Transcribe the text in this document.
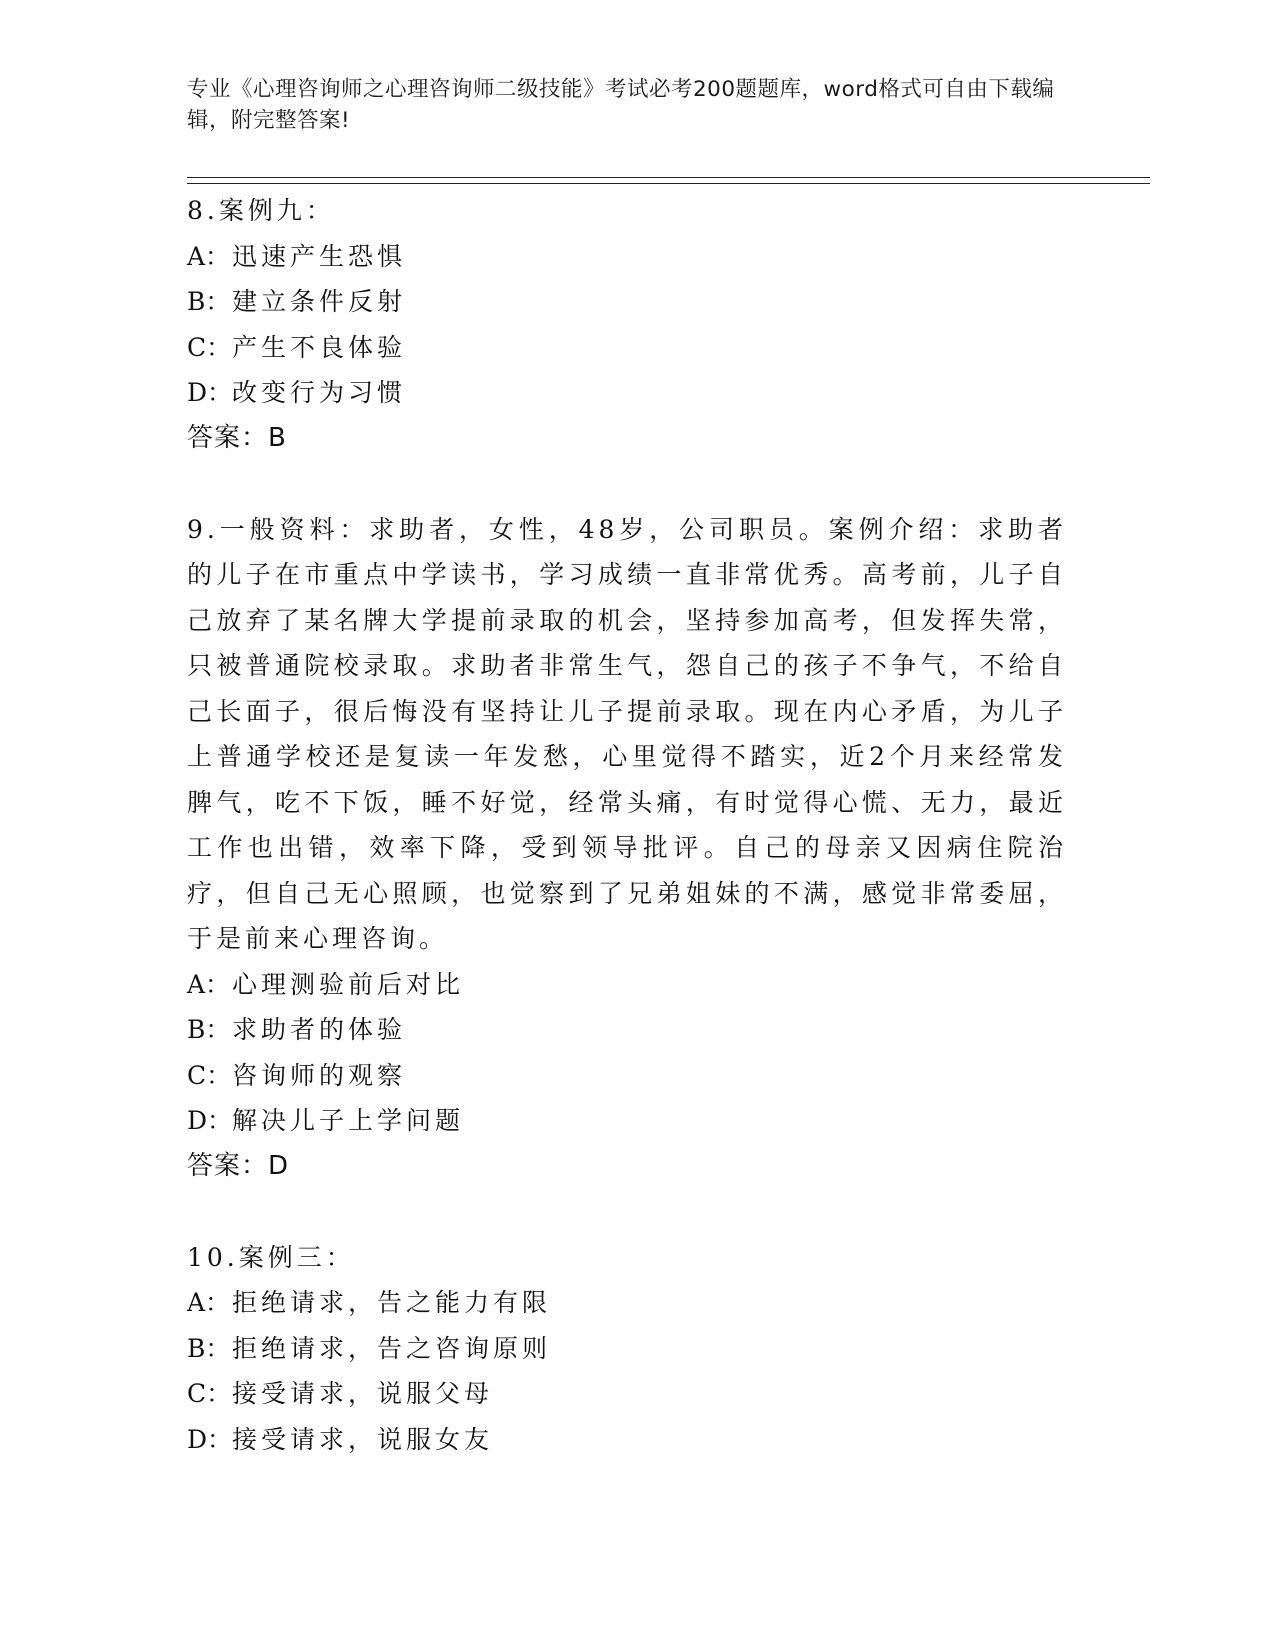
专业《心理咨询师之心理咨询师二级技能》考试必考200题题库，word格式可自由下载编辑，附完整答案!
8.案例九：
A：迅速产生恐惧
B：建立条件反射
C：产生不良体验
D：改变行为习惯
答案：B
9.一般资料：求助者，女性，48岁，公司职员。案例介绍：求助者的儿子在市重点中学读书，学习成绩一直非常优秀。高考前，儿子自己放弃了某名牌大学提前录取的机会，坚持参加高考，但发挥失常，只被普通院校录取。求助者非常生气，怨自己的孩子不争气，不给自己长面子，很后悔没有坚持让儿子提前录取。现在内心矛盾，为儿子上普通学校还是复读一年发愁，心里觉得不踏实，近2个月来经常发脾气，吃不下饭，睡不好觉，经常头痛，有时觉得心慌、无力，最近工作也出错，效率下降，受到领导批评。自己的母亲又因病住院治疗，但自己无心照顾，也觉察到了兄弟姐妹的不满，感觉非常委屈，于是前来心理咨询。
A：心理测验前后对比
B：求助者的体验
C：咨询师的观察
D：解决儿子上学问题
答案：D
10.案例三：
A：拒绝请求，告之能力有限
B：拒绝请求，告之咨询原则
C：接受请求，说服父母
D：接受请求，说服女友
